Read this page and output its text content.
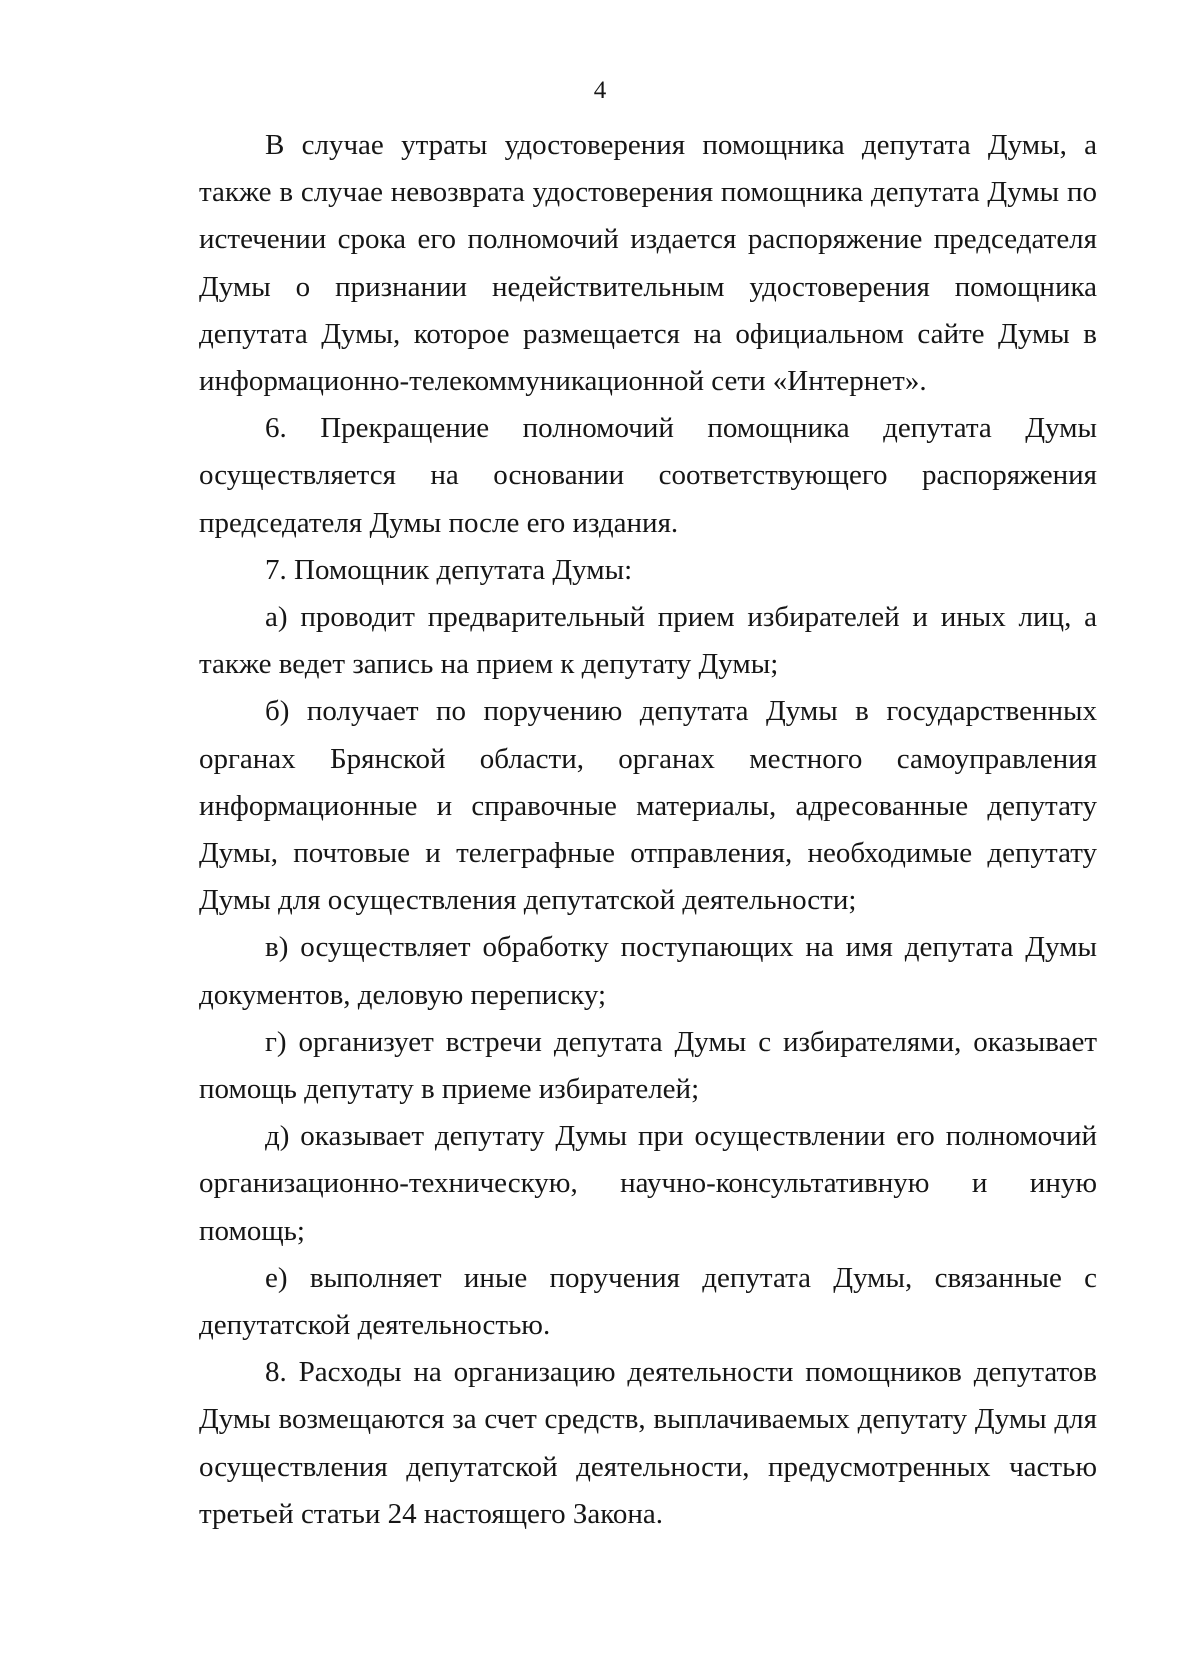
4

В случае утраты удостоверения помощника депутата Думы, а также в случае невозврата удостоверения помощника депутата Думы по истечении срока его полномочий издается распоряжение председателя Думы о признании недействительным удостоверения помощника депутата Думы, которое размещается на официальном сайте Думы в информационно-телекоммуникационной сети «Интернет».

6. Прекращение полномочий помощника депутата Думы осуществляется на основании соответствующего распоряжения председателя Думы после его издания.

7. Помощник депутата Думы:

а) проводит предварительный прием избирателей и иных лиц, а также ведет запись на прием к депутату Думы;

б) получает по поручению депутата Думы в государственных органах Брянской области, органах местного самоуправления информационные и справочные материалы, адресованные депутату Думы, почтовые и телеграфные отправления, необходимые депутату Думы для осуществления депутатской деятельности;

в) осуществляет обработку поступающих на имя депутата Думы документов, деловую переписку;

г) организует встречи депутата Думы с избирателями, оказывает помощь депутату в приеме избирателей;

д) оказывает депутату Думы при осуществлении его полномочий организационно-техническую, научно-консультативную и иную помощь;

е) выполняет иные поручения депутата Думы, связанные с депутатской деятельностью.

8. Расходы на организацию деятельности помощников депутатов Думы возмещаются за счет средств, выплачиваемых депутату Думы для осуществления депутатской деятельности, предусмотренных частью третьей статьи 24 настоящего Закона.
